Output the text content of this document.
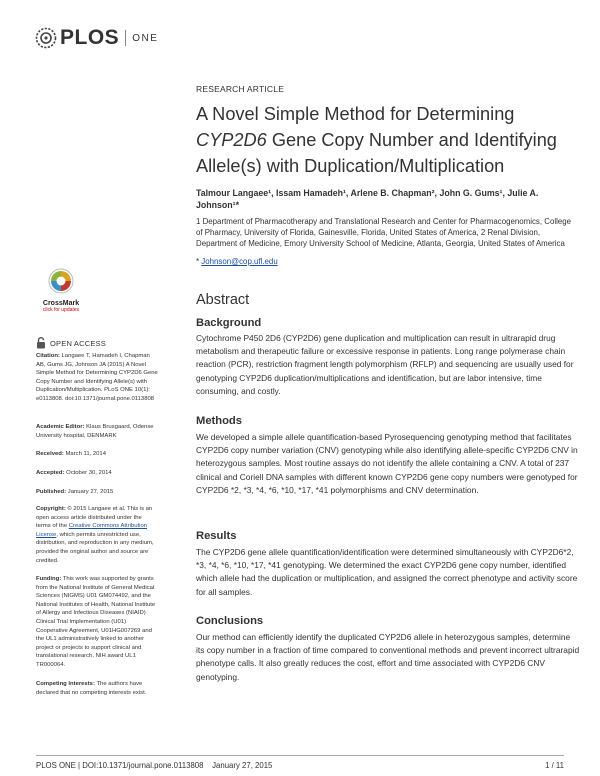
PLOS ONE
RESEARCH ARTICLE
A Novel Simple Method for Determining
CYP2D6 Gene Copy Number and Identifying
Allele(s) with Duplication/Multiplication
Talmour Langaee¹, Issam Hamadeh¹, Arlene B. Chapman², John G. Gums¹, Julie A. Johnson¹*
1 Department of Pharmacotherapy and Translational Research and Center for Pharmacogenomics, College of Pharmacy, University of Florida, Gainesville, Florida, United States of America, 2 Renal Division, Department of Medicine, Emory University School of Medicine, Atlanta, Georgia, United States of America
* Johnson@cop.ufl.edu
CrossMark
click for updates
OPEN ACCESS
Citation: Langaee T, Hamadeh I, Chapman AB, Gums JG, Johnson JA (2015) A Novel Simple Method for Determining CYP2D6 Gene Copy Number and Identifying Allele(s) with Duplication/Multiplication. PLoS ONE 10(1): e0113808. doi:10.1371/journal.pone.0113808
Academic Editor: Klaus Brusgaard, Odense University hospital, DENMARK
Received: March 11, 2014
Accepted: October 30, 2014
Published: January 27, 2015
Copyright: © 2015 Langaee et al. This is an open access article distributed under the terms of the Creative Commons Attribution License, which permits unrestricted use, distribution, and reproduction in any medium, provided the original author and source are credited.
Funding: This work was supported by grants from the National Institute of General Medical Sciences (NIGMS) U01 GM074492, and the National Institutes of Health, National Institute of Allergy and Infectious Diseases (NIAID) Clinical Trial Implementation (U01) Cooperative Agreement, U01HG007269 and the UL1 administratively linked to another project or projects to support clinical and translational research, NIH award UL1 TR000064.
Competing Interests: The authors have declared that no competing interests exist.
Abstract
Background
Cytochrome P450 2D6 (CYP2D6) gene duplication and multiplication can result in ultrarapid drug metabolism and therapeutic failure or excessive response in patients. Long range polymerase chain reaction (PCR), restriction fragment length polymorphism (RFLP) and sequencing are usually used for genotyping CYP2D6 duplication/multiplications and identification, but are labor intensive, time consuming, and costly.
Methods
We developed a simple allele quantification-based Pyrosequencing genotyping method that facilitates CYP2D6 copy number variation (CNV) genotyping while also identifying allele-specific CYP2D6 CNV in heterozygous samples. Most routine assays do not identify the allele containing a CNV. A total of 237 clinical and Coriell DNA samples with different known CYP2D6 gene copy numbers were genotyped for CYP2D6 *2, *3, *4, *6, *10, *17, *41 polymorphisms and CNV determination.
Results
The CYP2D6 gene allele quantification/identification were determined simultaneously with CYP2D6*2, *3, *4, *6, *10, *17, *41 genotyping. We determined the exact CYP2D6 gene copy number, identified which allele had the duplication or multiplication, and assigned the correct phenotype and activity score for all samples.
Conclusions
Our method can efficiently identify the duplicated CYP2D6 allele in heterozygous samples, determine its copy number in a fraction of time compared to conventional methods and prevent incorrect ultrarapid phenotype calls. It also greatly reduces the cost, effort and time associated with CYP2D6 CNV genotyping.
PLOS ONE | DOI:10.1371/journal.pone.0113808    January 27, 2015	1 / 11
